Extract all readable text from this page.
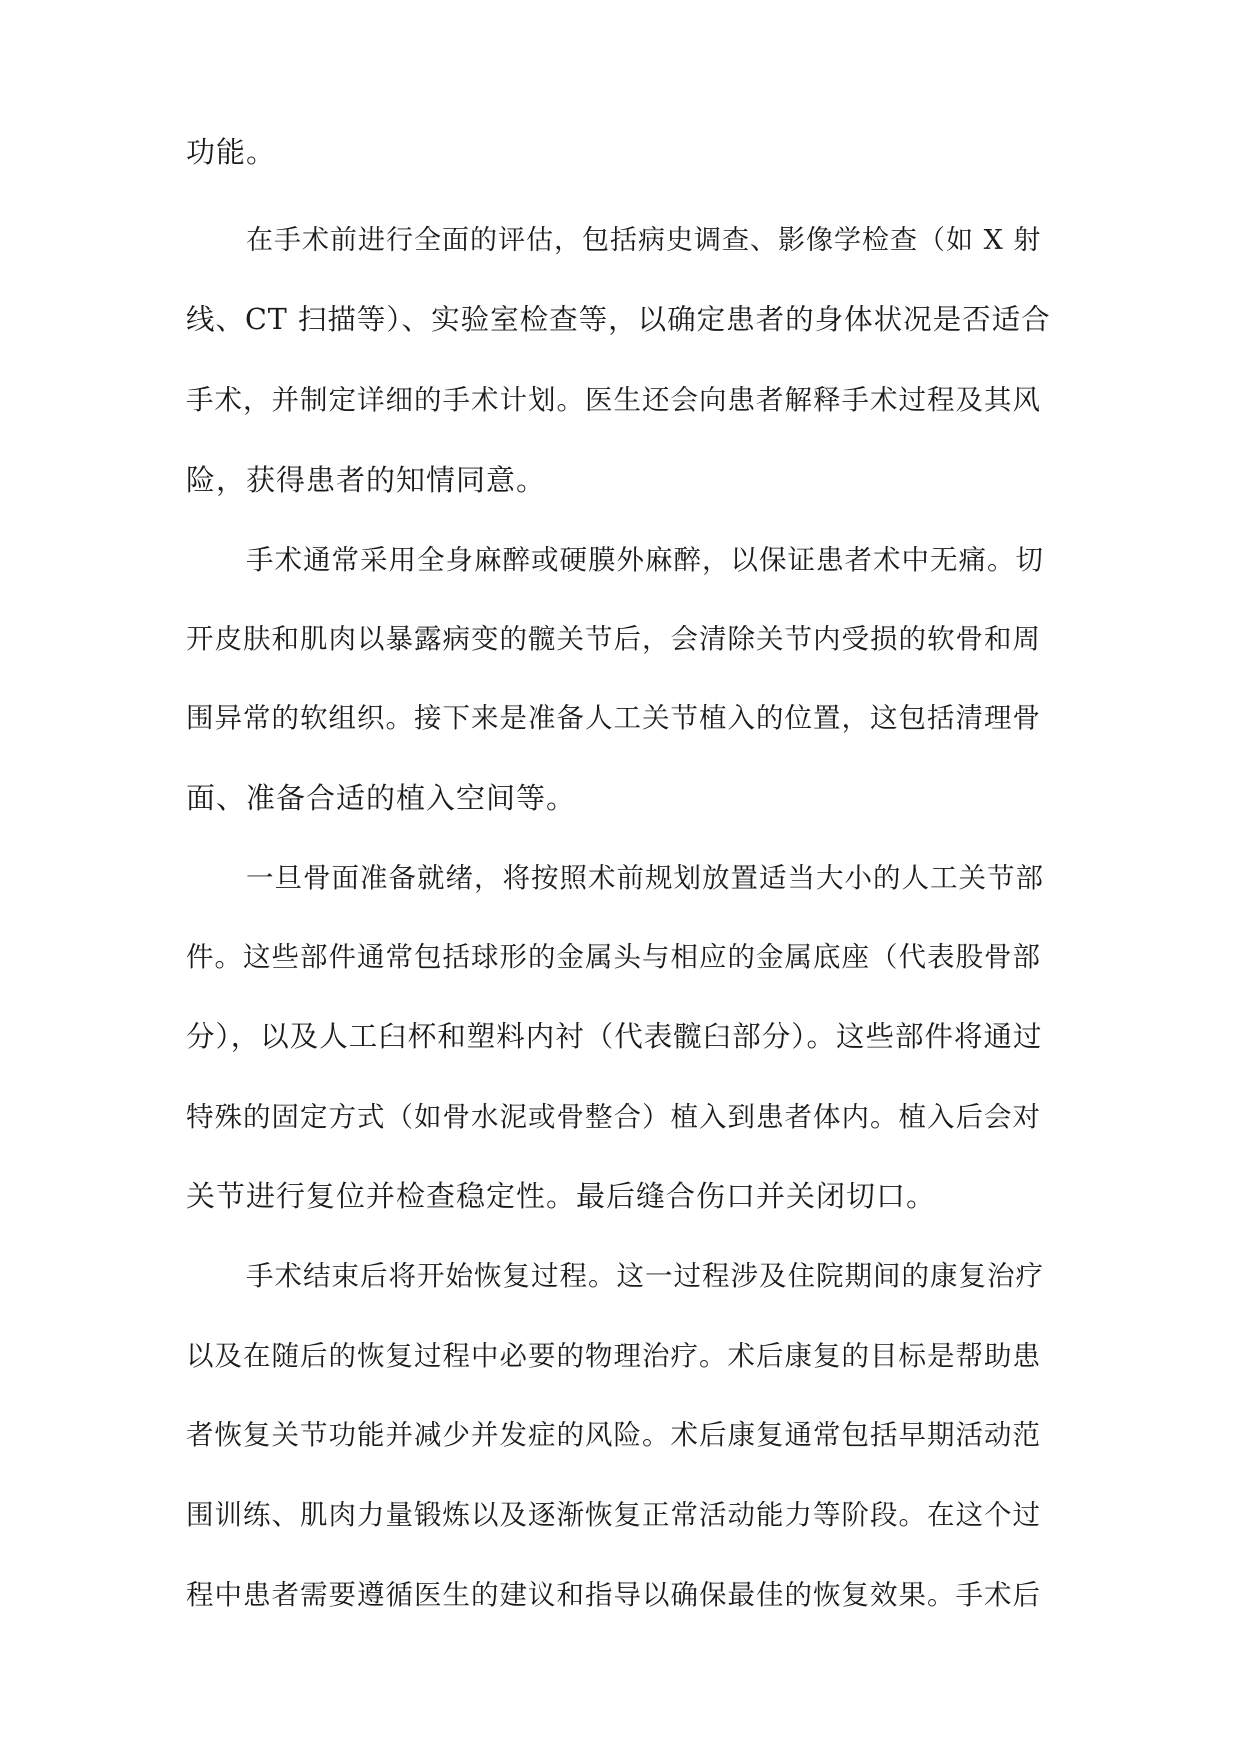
功能。
在手术前进行全面的评估，包括病史调查、影像学检查（如 X 射
线、CT 扫描等）、实验室检查等，以确定患者的身体状况是否适合
手术，并制定详细的手术计划。医生还会向患者解释手术过程及其风
险，获得患者的知情同意。
手术通常采用全身麻醉或硬膜外麻醉，以保证患者术中无痛。切
开皮肤和肌肉以暴露病变的髋关节后，会清除关节内受损的软骨和周
围异常的软组织。接下来是准备人工关节植入的位置，这包括清理骨
面、准备合适的植入空间等。
一旦骨面准备就绪，将按照术前规划放置适当大小的人工关节部
件。这些部件通常包括球形的金属头与相应的金属底座（代表股骨部
分），以及人工臼杯和塑料内衬（代表髋臼部分）。这些部件将通过
特殊的固定方式（如骨水泥或骨整合）植入到患者体内。植入后会对
关节进行复位并检查稳定性。最后缝合伤口并关闭切口。
手术结束后将开始恢复过程。这一过程涉及住院期间的康复治疗
以及在随后的恢复过程中必要的物理治疗。术后康复的目标是帮助患
者恢复关节功能并减少并发症的风险。术后康复通常包括早期活动范
围训练、肌肉力量锻炼以及逐渐恢复正常活动能力等阶段。在这个过
程中患者需要遵循医生的建议和指导以确保最佳的恢复效果。手术后
